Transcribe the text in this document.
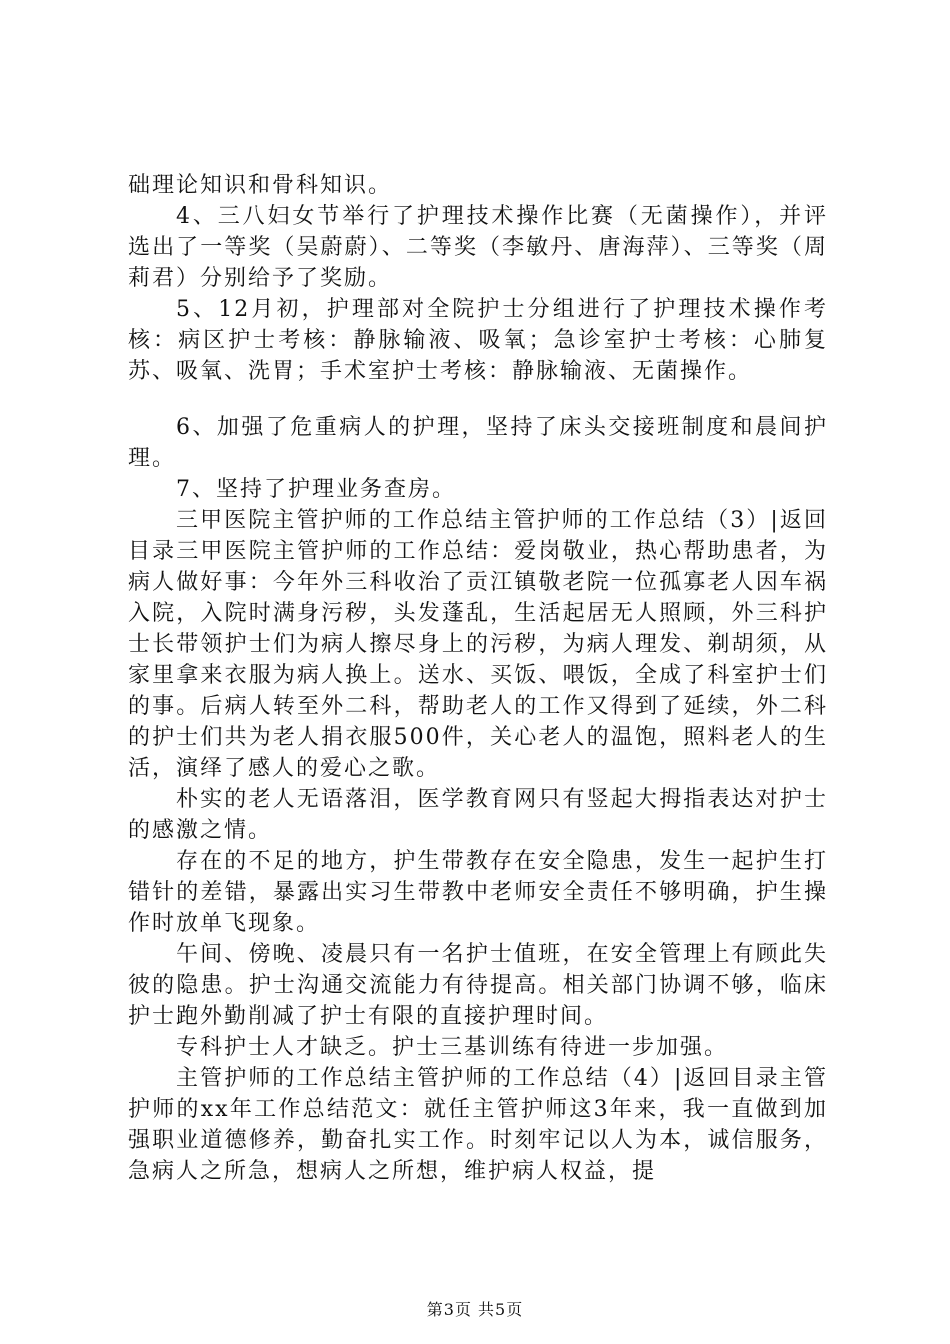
础理论知识和骨科知识。

4、三八妇女节举行了护理技术操作比赛（无菌操作），并评选出了一等奖（吴蔚蔚）、二等奖（李敏丹、唐海萍）、三等奖（周莉君）分别给予了奖励。

5、12月初，护理部对全院护士分组进行了护理技术操作考核：病区护士考核：静脉输液、吸氧；急诊室护士考核：心肺复苏、吸氧、洗胃；手术室护士考核：静脉输液、无菌操作。

6、加强了危重病人的护理，坚持了床头交接班制度和晨间护理。

7、坚持了护理业务查房。

三甲医院主管护师的工作总结主管护师的工作总结（3）|返回目录三甲医院主管护师的工作总结：爱岗敬业，热心帮助患者，为病人做好事：今年外三科收治了贡江镇敬老院一位孤寡老人因车祸入院，入院时满身污秽，头发蓬乱，生活起居无人照顾，外三科护士长带领护士们为病人擦尽身上的污秽，为病人理发、剃胡须，从家里拿来衣服为病人换上。送水、买饭、喂饭，全成了科室护士们的事。后病人转至外二科，帮助老人的工作又得到了延续，外二科的护士们共为老人捐衣服500件，关心老人的温饱，照料老人的生活，演绎了感人的爱心之歌。

朴实的老人无语落泪，医学教育网只有竖起大拇指表达对护士的感激之情。

存在的不足的地方，护生带教存在安全隐患，发生一起护生打错针的差错，暴露出实习生带教中老师安全责任不够明确，护生操作时放单飞现象。

午间、傍晚、凌晨只有一名护士值班，在安全管理上有顾此失彼的隐患。护士沟通交流能力有待提高。相关部门协调不够，临床护士跑外勤削减了护士有限的直接护理时间。

专科护士人才缺乏。护士三基训练有待进一步加强。

主管护师的工作总结主管护师的工作总结（4）|返回目录主管护师的xx年工作总结范文：就任主管护师这3年来，我一直做到加强职业道德修养，勤奋扎实工作。时刻牢记以人为本，诚信服务，急病人之所急，想病人之所想，维护病人权益，提

第3页 共5页
